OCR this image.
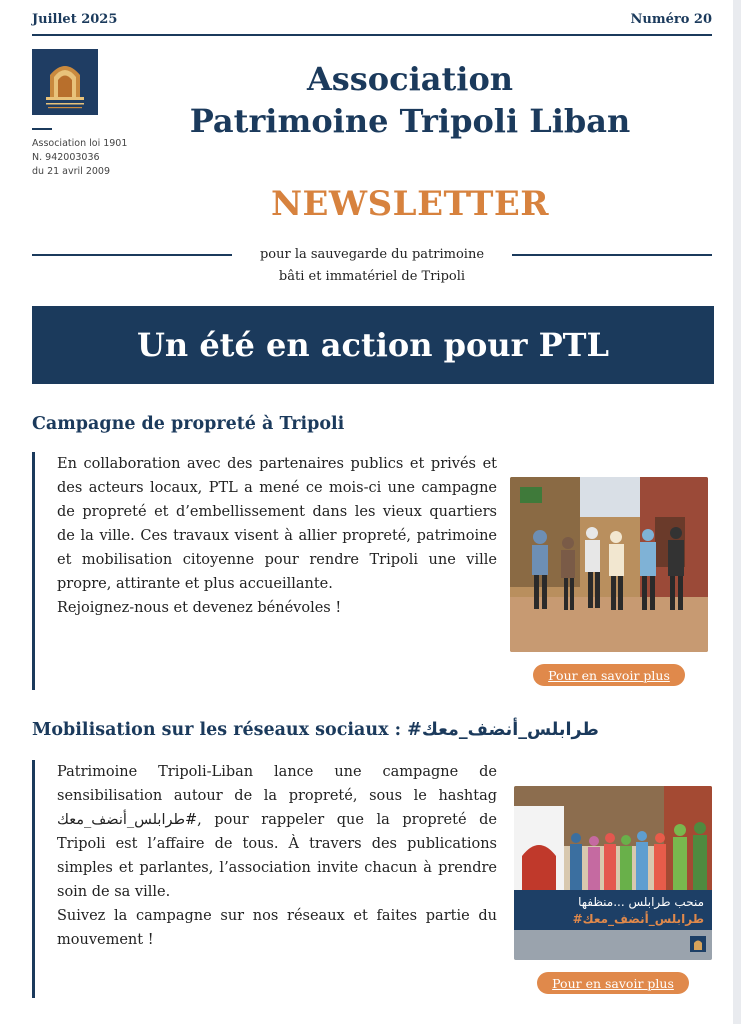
Juillet 2025	Numéro 20
Association loi 1901
N. 942003036
du 21 avril 2009
Association
Patrimoine Tripoli Liban
NEWSLETTER
pour la sauvegarde du patrimoine
bâti et immatériel de Tripoli
Un été en action pour PTL
Campagne de propreté à Tripoli

En collaboration avec des partenaires publics et privés et des acteurs locaux, PTL a mené ce mois-ci une campagne de propreté et d’embellissement dans les vieux quartiers de la ville. Ces travaux visent à allier propreté, patrimoine et mobilisation citoyenne pour rendre Tripoli une ville propre, attirante et plus accueillante.

Rejoignez-nous et devenez bénévoles !

Pour en savoir plus
Mobilisation sur les réseaux sociaux : #طرابلس_أنضف_معك

Patrimoine Tripoli-Liban lance une campagne de sensibilisation autour de la propreté, sous le hashtag طرابلس_أنضف_معك#, pour rappeler que la propreté de Tripoli est l’affaire de tous. À travers des publications simples et parlantes, l’association invite chacun à prendre soin de sa ville.

Suivez la campagne sur nos réseaux et faites partie du mouvement !

منحب طرابلس ...منظفها
#طرابلس_أنضف_معك
Pour en savoir plus
